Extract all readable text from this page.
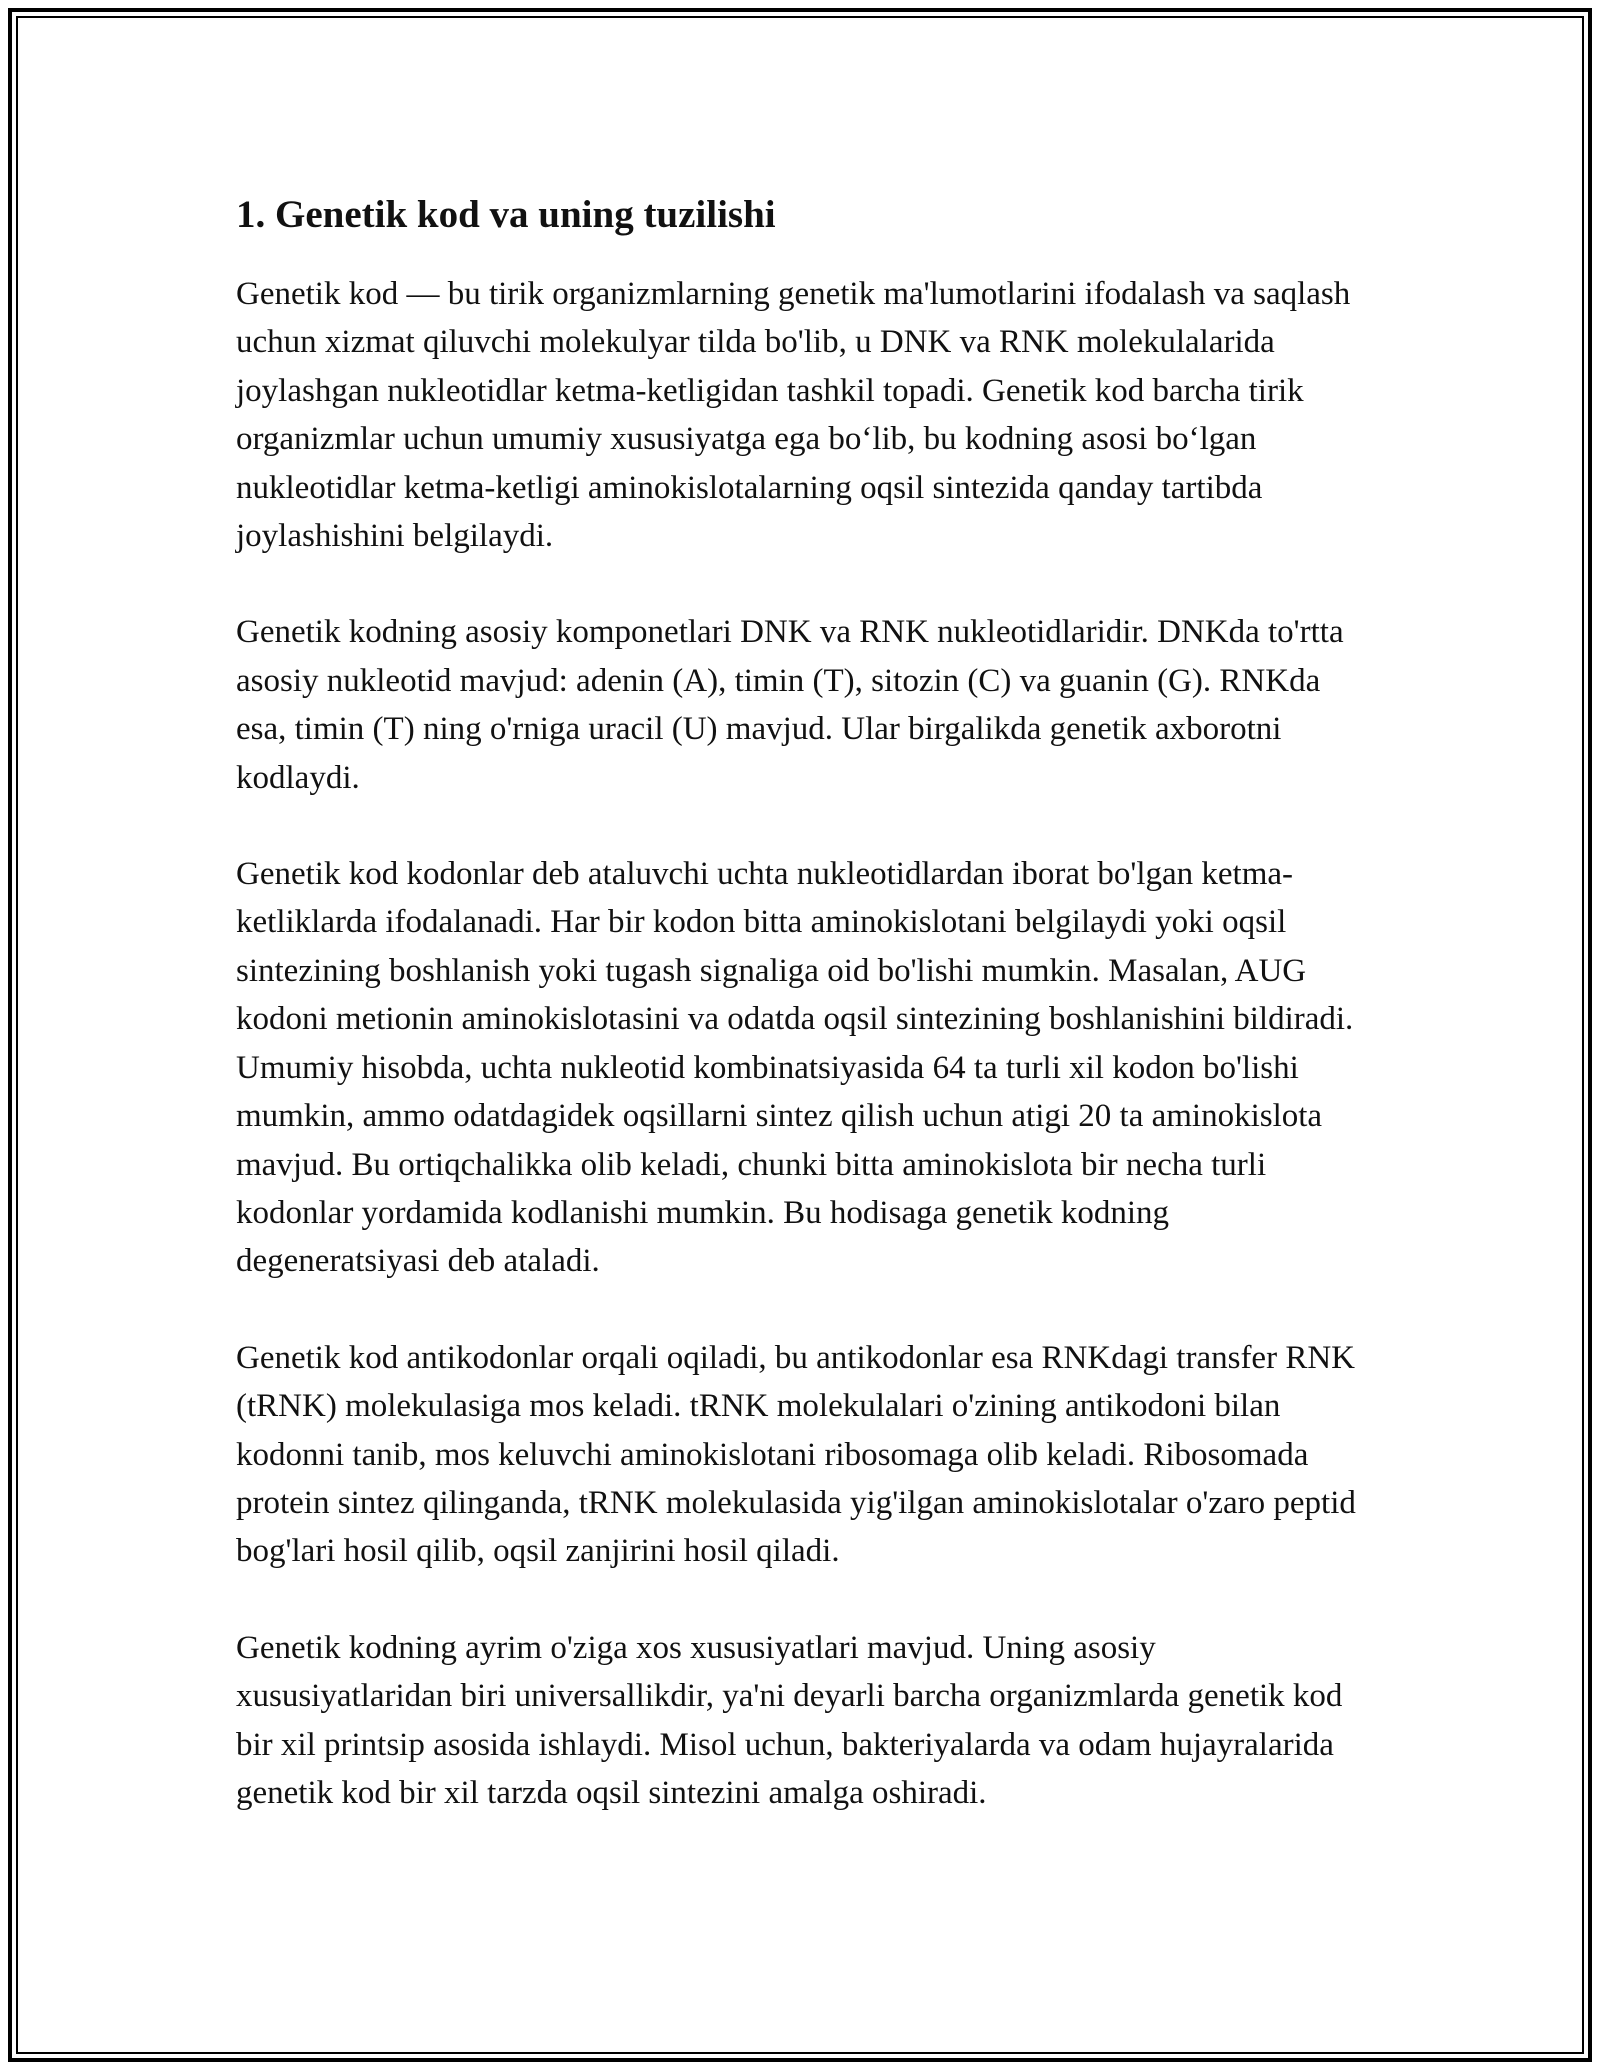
1. Genetik kod va uning tuzilishi

Genetik kod — bu tirik organizmlarning genetik ma'lumotlarini ifodalash va saqlash uchun xizmat qiluvchi molekulyar tilda bo'lib, u DNK va RNK molekulalarida joylashgan nukleotidlar ketma-ketligidan tashkil topadi. Genetik kod barcha tirik organizmlar uchun umumiy xususiyatga ega bo‘lib, bu kodning asosi bo‘lgan nukleotidlar ketma-ketligi aminokislotalarning oqsil sintezida qanday tartibda joylashishini belgilaydi.

Genetik kodning asosiy komponetlari DNK va RNK nukleotidlaridir. DNKda to'rtta asosiy nukleotid mavjud: adenin (A), timin (T), sitozin (C) va guanin (G). RNKda esa, timin (T) ning o'rniga uracil (U) mavjud. Ular birgalikda genetik axborotni kodlaydi.

Genetik kod kodonlar deb ataluvchi uchta nukleotidlardan iborat bo'lgan ketma-ketliklarda ifodalanadi. Har bir kodon bitta aminokislotani belgilaydi yoki oqsil sintezining boshlanish yoki tugash signaliga oid bo'lishi mumkin. Masalan, AUG kodoni metionin aminokislotasini va odatda oqsil sintezining boshlanishini bildiradi. Umumiy hisobda, uchta nukleotid kombinatsiyasida 64 ta turli xil kodon bo'lishi mumkin, ammo odatdagidek oqsillarni sintez qilish uchun atigi 20 ta aminokislota mavjud. Bu ortiqchalikka olib keladi, chunki bitta aminokislota bir necha turli kodonlar yordamida kodlanishi mumkin. Bu hodisaga genetik kodning degeneratsiyasi deb ataladi.

Genetik kod antikodonlar orqali oqiladi, bu antikodonlar esa RNKdagi transfer RNK (tRNK) molekulasiga mos keladi. tRNK molekulalari o'zining antikodoni bilan kodonni tanib, mos keluvchi aminokislotani ribosomaga olib keladi. Ribosomada protein sintez qilinganda, tRNK molekulasida yig'ilgan aminokislotalar o'zaro peptid bog'lari hosil qilib, oqsil zanjirini hosil qiladi.

Genetik kodning ayrim o'ziga xos xususiyatlari mavjud. Uning asosiy xususiyatlaridan biri universallikdir, ya'ni deyarli barcha organizmlarda genetik kod bir xil printsip asosida ishlaydi. Misol uchun, bakteriyalarda va odam hujayralarida genetik kod bir xil tarzda oqsil sintezini amalga oshiradi.
